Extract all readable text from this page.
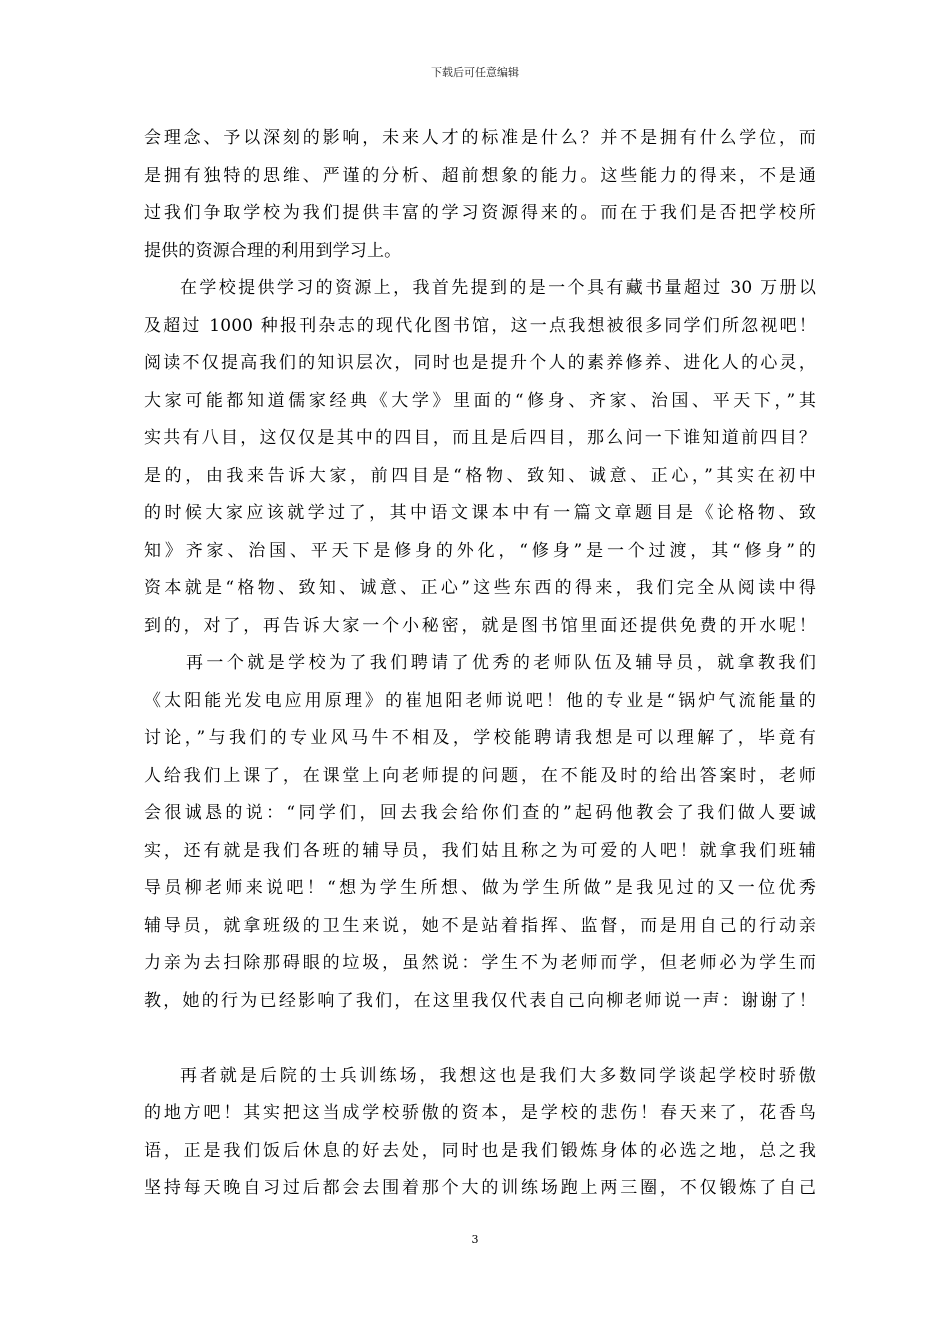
下载后可任意编辑
会理念、予以深刻的影响，未来人才的标准是什么？并不是拥有什么学位，而
是拥有独特的思维、严谨的分析、超前想象的能力。这些能力的得来，不是通
过我们争取学校为我们提供丰富的学习资源得来的。而在于我们是否把学校所
提供的资源合理的利用到学习上。
在学校提供学习的资源上，我首先提到的是一个具有藏书量超过 30 万册以
及超过 1000 种报刊杂志的现代化图书馆，这一点我想被很多同学们所忽视吧！
阅读不仅提高我们的知识层次，同时也是提升个人的素养修养、进化人的心灵，
大家可能都知道儒家经典《大学》里面的“修身、齐家、治国、平天下，”其
实共有八目，这仅仅是其中的四目，而且是后四目，那么问一下谁知道前四目？
是的，由我来告诉大家，前四目是“格物、致知、诚意、正心，”其实在初中
的时候大家应该就学过了，其中语文课本中有一篇文章题目是《论格物、致
知》齐家、治国、平天下是修身的外化，“修身”是一个过渡，其“修身”的
资本就是“格物、致知、诚意、正心”这些东西的得来，我们完全从阅读中得
到的，对了，再告诉大家一个小秘密，就是图书馆里面还提供免费的开水呢！
再一个就是学校为了我们聘请了优秀的老师队伍及辅导员，就拿教我们
《太阳能光发电应用原理》的崔旭阳老师说吧！他的专业是“锅炉气流能量的
讨论，”与我们的专业风马牛不相及，学校能聘请我想是可以理解了，毕竟有
人给我们上课了，在课堂上向老师提的问题，在不能及时的给出答案时，老师
会很诚恳的说：“同学们，回去我会给你们查的”起码他教会了我们做人要诚
实，还有就是我们各班的辅导员，我们姑且称之为可爱的人吧！就拿我们班辅
导员柳老师来说吧！“想为学生所想、做为学生所做”是我见过的又一位优秀
辅导员，就拿班级的卫生来说，她不是站着指挥、监督，而是用自己的行动亲
力亲为去扫除那碍眼的垃圾，虽然说：学生不为老师而学，但老师必为学生而
教，她的行为已经影响了我们，在这里我仅代表自己向柳老师说一声：谢谢了！
再者就是后院的士兵训练场，我想这也是我们大多数同学谈起学校时骄傲
的地方吧！其实把这当成学校骄傲的资本，是学校的悲伤！春天来了，花香鸟
语，正是我们饭后休息的好去处，同时也是我们锻炼身体的必选之地，总之我
坚持每天晚自习过后都会去围着那个大的训练场跑上两三圈，不仅锻炼了自己
3
